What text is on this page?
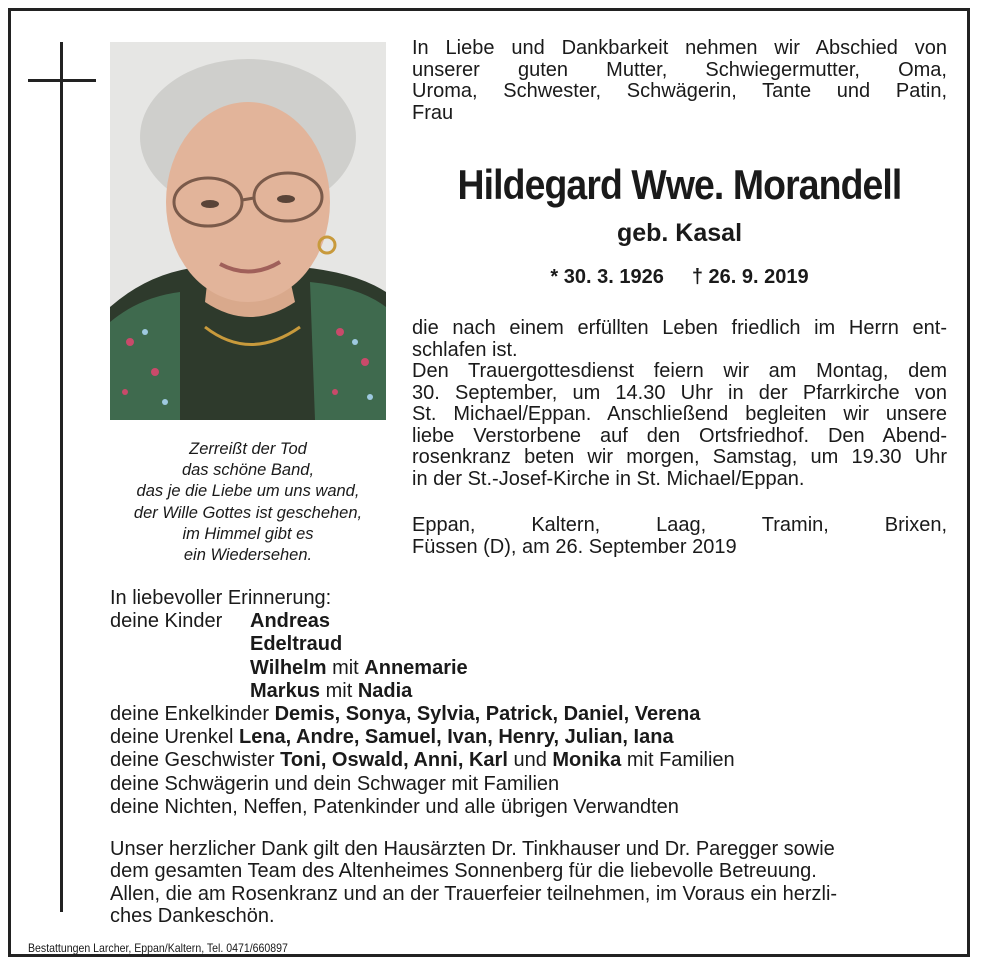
Zerreißt der Tod
das schöne Band,
das je die Liebe um uns wand,
der Wille Gottes ist geschehen,
im Himmel gibt es
ein Wiedersehen.
In Liebe und Dankbarkeit nehmen wir Abschied von
unserer guten Mutter, Schwiegermutter, Oma,
Uroma, Schwester, Schwägerin, Tante und Patin,
Frau
Hildegard Wwe. Morandell
geb. Kasal
* 30. 3. 1926 † 26. 9. 2019
die nach einem erfüllten Leben friedlich im Herrn ent-
schlafen ist.
Den Trauergottesdienst feiern wir am Montag, dem
30. September, um 14.30 Uhr in der Pfarrkirche von
St. Michael/Eppan. Anschließend begleiten wir unsere
liebe Verstorbene auf den Ortsfriedhof. Den Abend-
rosenkranz beten wir morgen, Samstag, um 19.30 Uhr
in der St.-Josef-Kirche in St. Michael/Eppan.
Eppan, Kaltern, Laag, Tramin, Brixen,
Füssen (D), am 26. September 2019
In liebevoller Erinnerung:
deine Kinder Andreas
Edeltraud
Wilhelm mit Annemarie
Markus mit Nadia
deine Enkelkinder Demis, Sonya, Sylvia, Patrick, Daniel, Verena
deine Urenkel Lena, Andre, Samuel, Ivan, Henry, Julian, Iana
deine Geschwister Toni, Oswald, Anni, Karl und Monika mit Familien
deine Schwägerin und dein Schwager mit Familien
deine Nichten, Neffen, Patenkinder und alle übrigen Verwandten
Unser herzlicher Dank gilt den Hausärzten Dr. Tinkhauser und Dr. Paregger sowie
dem gesamten Team des Altenheimes Sonnenberg für die liebevolle Betreuung.
Allen, die am Rosenkranz und an der Trauerfeier teilnehmen, im Voraus ein herzli-
ches Dankeschön.
Bestattungen Larcher, Eppan/Kaltern, Tel. 0471/660897
